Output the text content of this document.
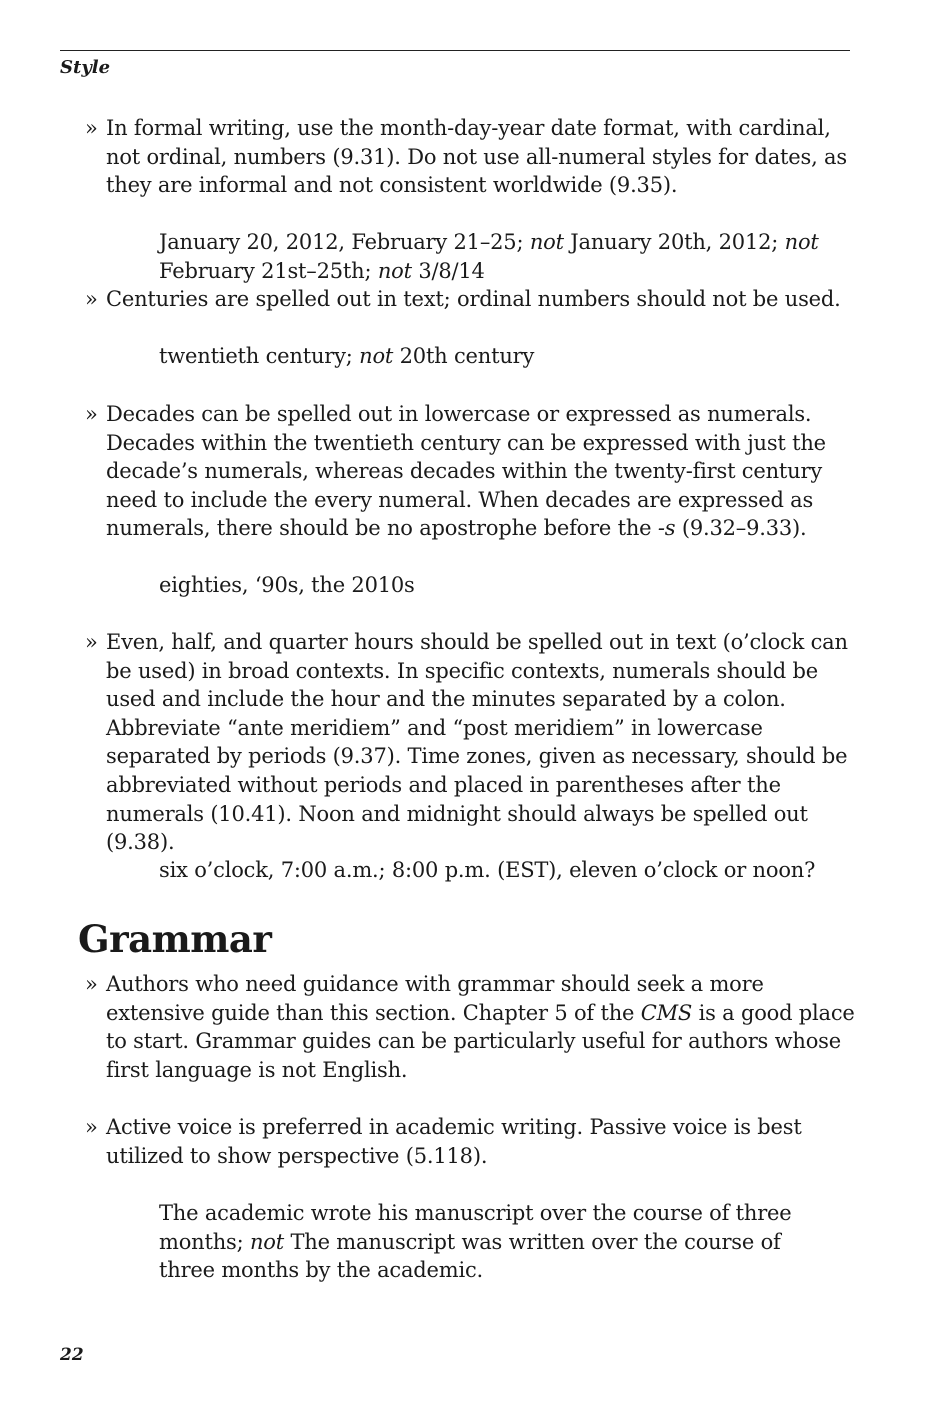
Style
» In formal writing, use the month-day-year date format, with cardinal, not ordinal, numbers (9.31). Do not use all-numeral styles for dates, as they are informal and not consistent worldwide (9.35).
January 20, 2012, February 21–25; not January 20th, 2012; not February 21st–25th; not 3/8/14
» Centuries are spelled out in text; ordinal numbers should not be used.
twentieth century; not 20th century
» Decades can be spelled out in lowercase or expressed as numerals. Decades within the twentieth century can be expressed with just the decade’s numerals, whereas decades within the twenty-first century need to include the every numeral. When decades are expressed as numerals, there should be no apostrophe before the -s (9.32–9.33).
eighties, ‘90s, the 2010s
» Even, half, and quarter hours should be spelled out in text (o’clock can be used) in broad contexts. In specific contexts, numerals should be used and include the hour and the minutes separated by a colon. Abbreviate “ante meridiem” and “post meridiem” in lowercase separated by periods (9.37). Time zones, given as necessary, should be abbreviated without periods and placed in parentheses after the numerals (10.41). Noon and midnight should always be spelled out (9.38).
six o’clock, 7:00 a.m.; 8:00 p.m. (EST), eleven o’clock or noon?
Grammar
» Authors who need guidance with grammar should seek a more extensive guide than this section. Chapter 5 of the CMS is a good place to start. Grammar guides can be particularly useful for authors whose first language is not English.
» Active voice is preferred in academic writing. Passive voice is best utilized to show perspective (5.118).
The academic wrote his manuscript over the course of three months; not The manuscript was written over the course of three months by the academic.
22
